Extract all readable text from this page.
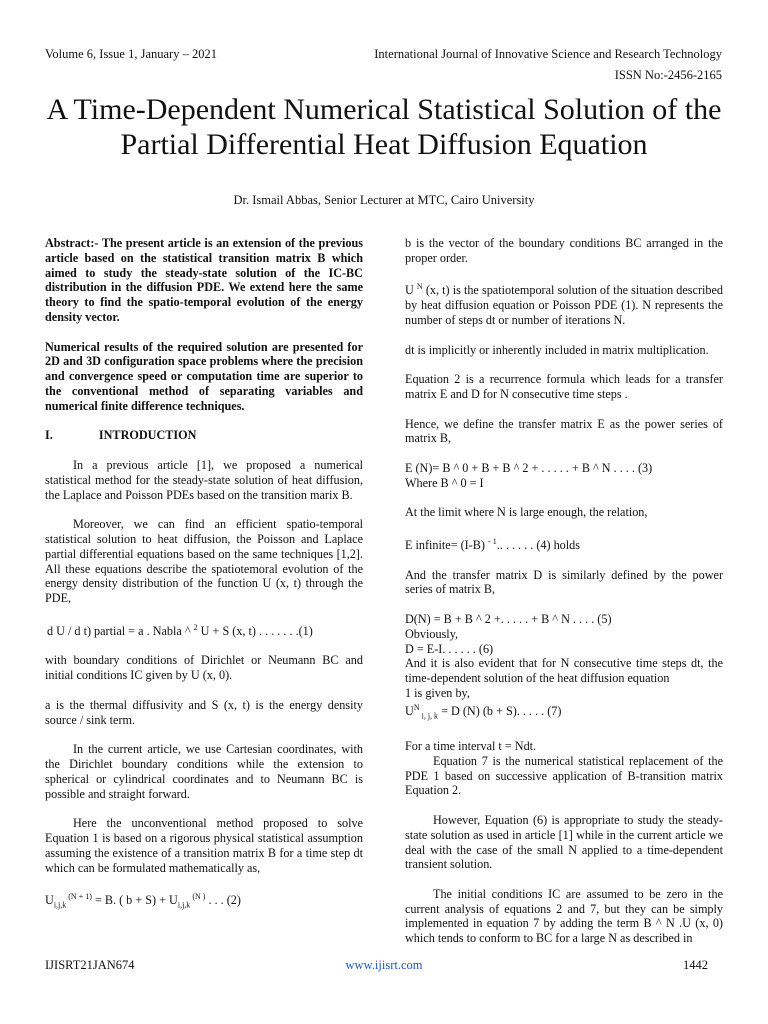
Volume 6, Issue 1, January – 2021	International Journal of Innovative Science and Research Technology
ISSN No:-2456-2165
A Time-Dependent Numerical Statistical Solution of the Partial Differential Heat Diffusion Equation
Dr. Ismail Abbas, Senior Lecturer at MTC, Cairo University

Abstract:- The present article is an extension of the previous article based on the statistical transition matrix B which aimed to study the steady-state solution of the IC-BC distribution in the diffusion PDE. We extend here the same theory to find the spatio-temporal evolution of the energy density vector.

Numerical results of the required solution are presented for 2D and 3D configuration space problems where the precision and convergence speed or computation time are superior to the conventional method of separating variables and numerical finite difference techniques.

I.	INTRODUCTION

In a previous article [1], we proposed a numerical statistical method for the steady-state solution of heat diffusion, the Laplace and Poisson PDEs based on the transition marix B.

Moreover, we can find an efficient spatio-temporal statistical solution to heat diffusion, the Poisson and Laplace partial differential equations based on the same techniques [1,2]. All these equations describe the spatiotemoral evolution of the energy density distribution of the function U (x, t) through the PDE,

d U / d t) partial = a . Nabla ^ $^2$ U + S (x, t) . . . . . . .(1)

with boundary conditions of Dirichlet or Neumann BC and initial conditions IC given by U (x, 0).

a is the thermal diffusivity and S (x, t) is the energy density source / sink term.

In the current article, we use Cartesian coordinates, with the Dirichlet boundary conditions while the extension to spherical or cylindrical coordinates and to Neumann BC is possible and straight forward.

Here the unconventional method proposed to solve Equation 1 is based on a rigorous physical statistical assumption assuming the existence of a transition matrix B for a time step dt which can be formulated mathematically as,

$U_{i,j,k}$ $^{(N + 1)}$ = B. ( $b + S) + U_{i,j,k}$ $^{(N )}$ . . . (2)

b is the vector of the boundary conditions BC arranged in the proper order.

U $^N$ (x, t) is the spatiotemporal solution of the situation described by heat diffusion equation or Poisson PDE (1). N represents the number of steps dt or number of iterations N.

dt is implicitly or inherently included in matrix multiplication.

Equation 2 is a recurrence formula which leads for a transfer matrix E and D for N consecutive time steps .

Hence, we define the transfer matrix E as the power series of matrix B,

E (N)= B ^ 0 + B + B ^ 2 + . . . . . + B ^ N . . . . (3)

Where B ^ 0 = I

At the limit where N is large enough, the relation,

E infinite= (I-B) $^{- 1}$.. . . . . . (4) holds

And the transfer matrix D is similarly defined by the power series of matrix B,

D(N) = B + B ^ 2 +. . . . . + B ^ N . . . . (5)

Obviously,

D = E-I. . . . . . (6)

And it is also evident that for N consecutive time steps dt, the time-dependent solution of the heat diffusion equation

1 is given by,

$U^N$ $_{i, j, k}$ = D (N) (b + S). . . . . (7)

For a time interval t = Ndt.

Equation 7 is the numerical statistical replacement of the PDE 1 based on successive application of B-transition matrix Equation 2.

However, Equation (6) is appropriate to study the steady-state solution as used in article [1] while in the current article we deal with the case of the small N applied to a time-dependent transient solution.

The initial conditions IC are assumed to be zero in the current analysis of equations 2 and 7, but they can be simply implemented in equation 7 by adding the term B ^ N .U (x, 0) which tends to conform to BC for a large N as described in

IJISRT21JAN674	www.ijisrt.com	1442
